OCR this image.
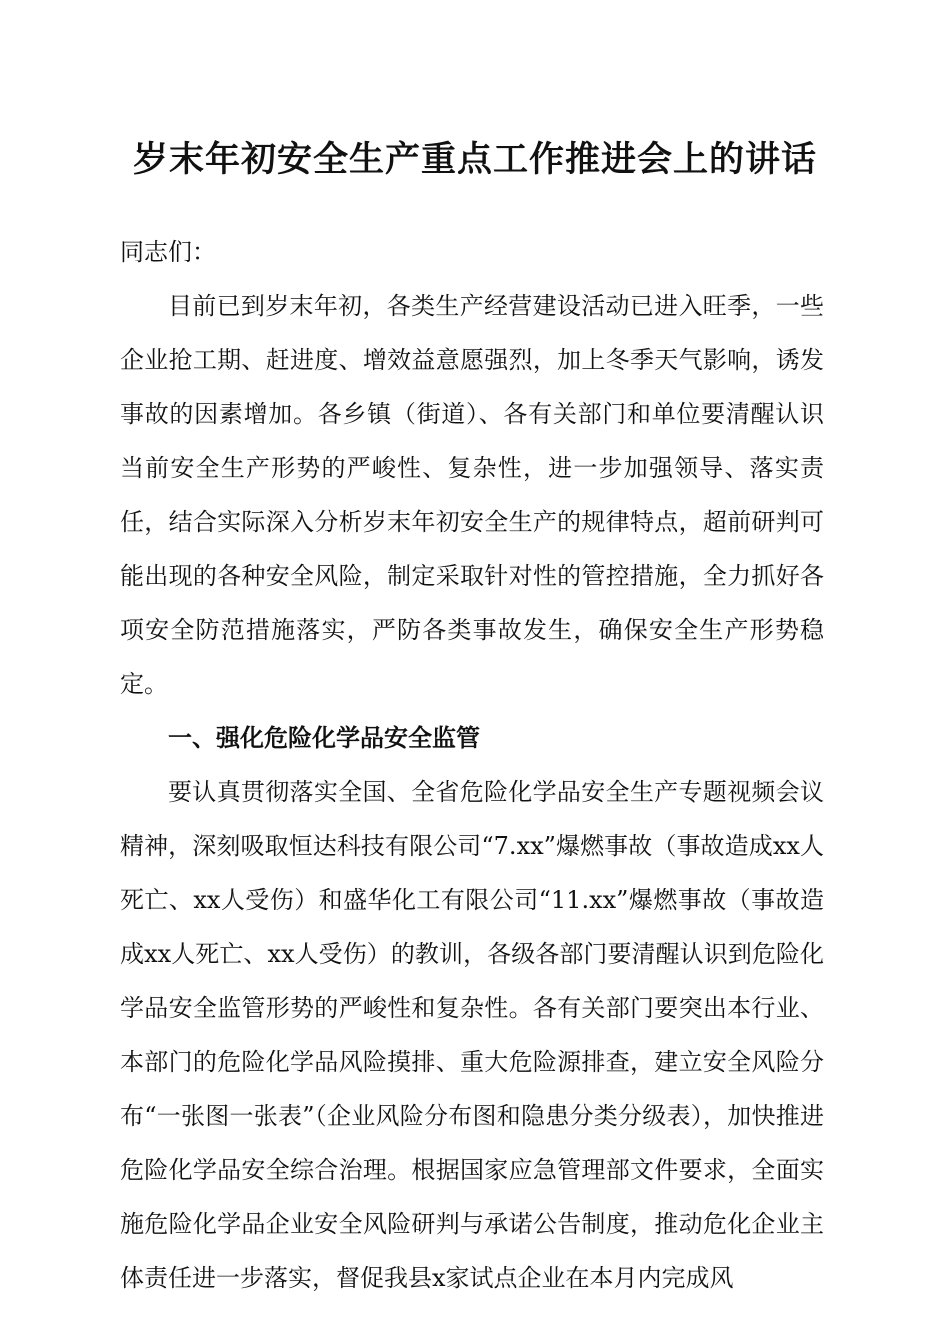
岁末年初安全生产重点工作推进会上的讲话

同志们：

目前已到岁末年初，各类生产经营建设活动已进入旺季，一些企业抢工期、赶进度、增效益意愿强烈，加上冬季天气影响，诱发事故的因素增加。各乡镇（街道）、各有关部门和单位要清醒认识当前安全生产形势的严峻性、复杂性，进一步加强领导、落实责任，结合实际深入分析岁末年初安全生产的规律特点，超前研判可能出现的各种安全风险，制定采取针对性的管控措施，全力抓好各项安全防范措施落实，严防各类事故发生，确保安全生产形势稳定。

一、强化危险化学品安全监管

要认真贯彻落实全国、全省危险化学品安全生产专题视频会议精神，深刻吸取恒达科技有限公司“7.xx”爆燃事故（事故造成xx人死亡、xx人受伤）和盛华化工有限公司“11.xx”爆燃事故（事故造成xx人死亡、xx人受伤）的教训，各级各部门要清醒认识到危险化学品安全监管形势的严峻性和复杂性。各有关部门要突出本行业、本部门的危险化学品风险摸排、重大危险源排查，建立安全风险分布“一张图一张表”（企业风险分布图和隐患分类分级表），加快推进危险化学品安全综合治理。根据国家应急管理部文件要求，全面实施危险化学品企业安全风险研判与承诺公告制度，推动危化企业主体责任进一步落实，督促我县x家试点企业在本月内完成风
